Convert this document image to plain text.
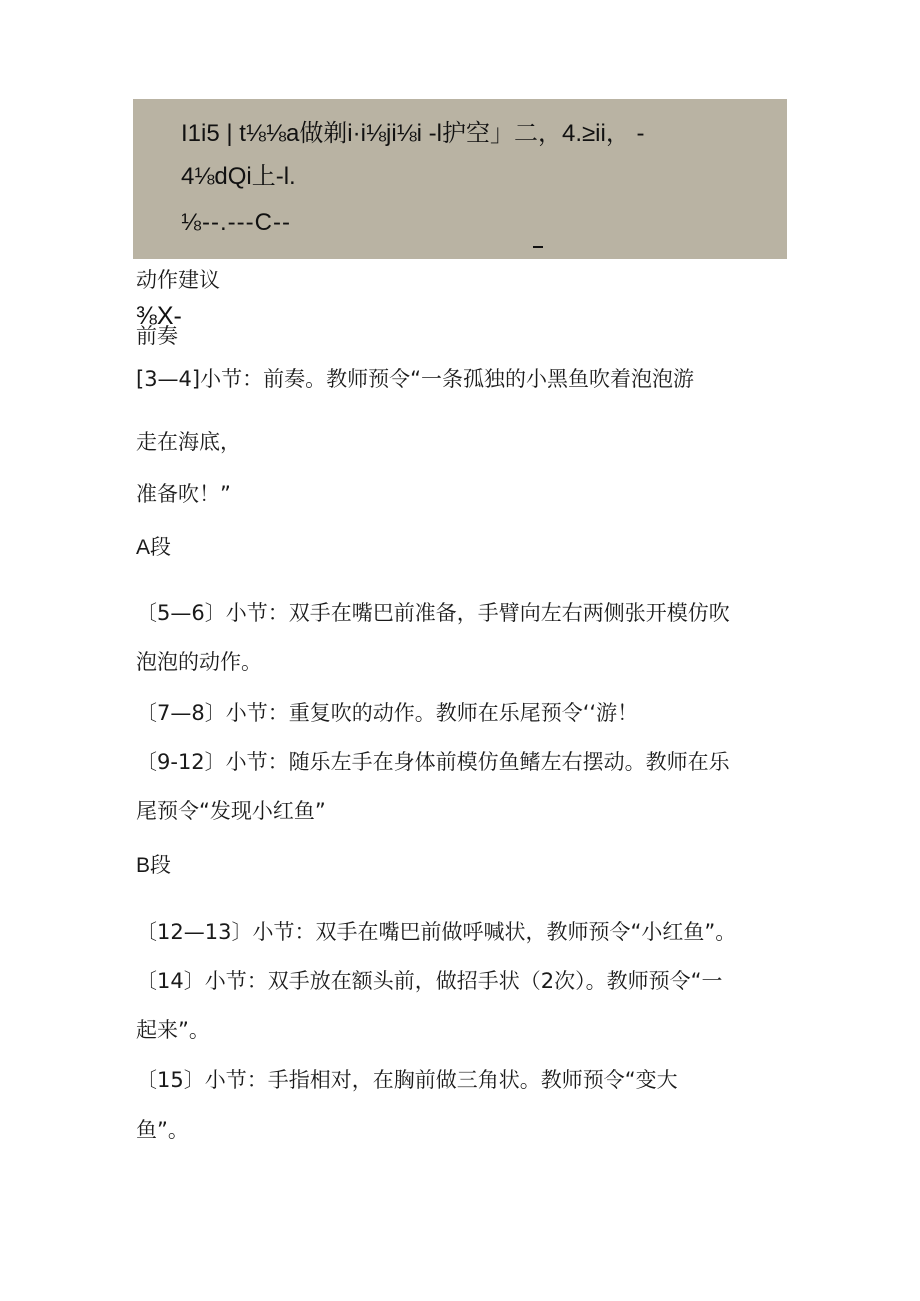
I1i5 | t⅛⅛a做剃i·i⅛ji⅛i -l护空」二，4.≥ii， -
4⅛dQi上-l.
⅛--.---C--
动作建议
前奏
⅜X-
[3—4]小节：前奏。教师预令“一条孤独的小黑鱼吹着泡泡游
走在海底，
准备吹！”
A段
〔5—6〕小节：双手在嘴巴前准备，手臂向左右两侧张开模仿吹
泡泡的动作。
〔7—8〕小节：重复吹的动作。教师在乐尾预令‘‘游！
〔9-12〕小节：随乐左手在身体前模仿鱼鳍左右摆动。教师在乐
尾预令“发现小红鱼”
B段
〔12—13〕小节：双手在嘴巴前做呼喊状，教师预令“小红鱼”。
〔14〕小节：双手放在额头前，做招手状（2次）。教师预令“一
起来”。
〔15〕小节：手指相对，在胸前做三角状。教师预令“变大
鱼”。
